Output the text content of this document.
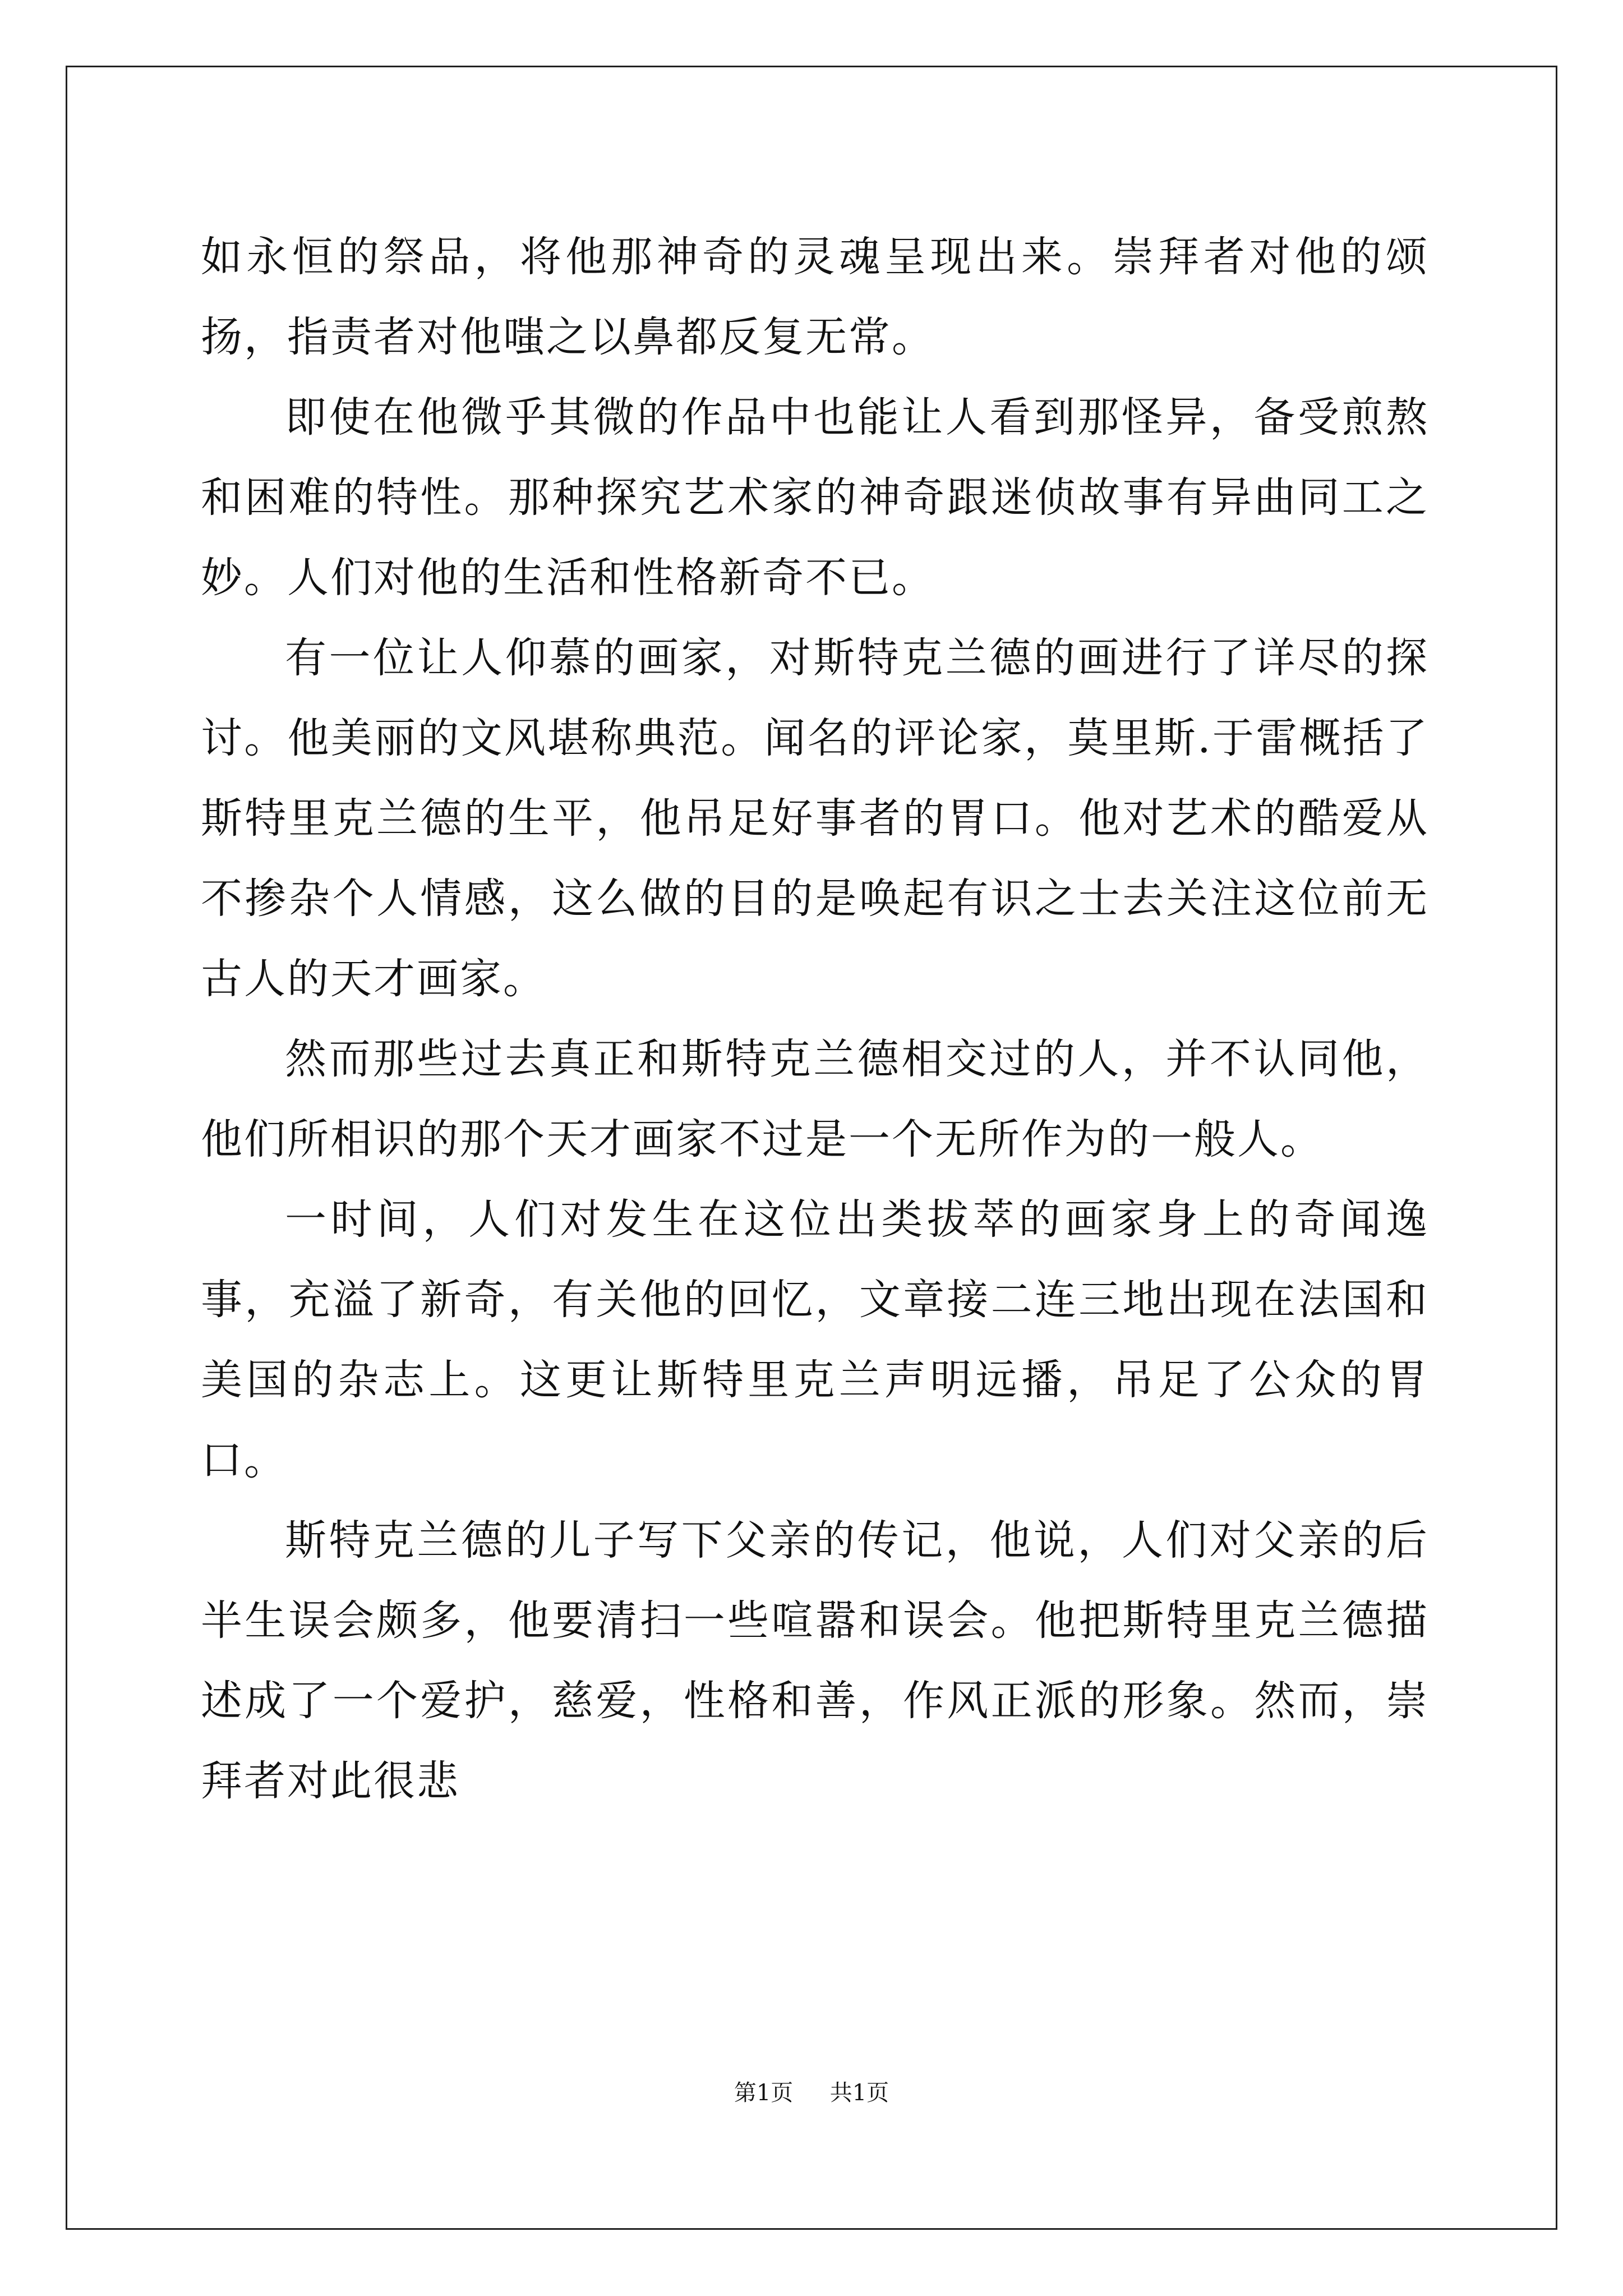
如永恒的祭品，将他那神奇的灵魂呈现出来。崇拜者对他的颂扬，指责者对他嗤之以鼻都反复无常。

即使在他微乎其微的作品中也能让人看到那怪异，备受煎熬和困难的特性。那种探究艺术家的神奇跟迷侦故事有异曲同工之妙。人们对他的生活和性格新奇不已。

有一位让人仰慕的画家，对斯特克兰德的画进行了详尽的探讨。他美丽的文风堪称典范。闻名的评论家，莫里斯.于雷概括了斯特里克兰德的生平，他吊足好事者的胃口。他对艺术的酷爱从不掺杂个人情感，这么做的目的是唤起有识之士去关注这位前无古人的天才画家。

然而那些过去真正和斯特克兰德相交过的人，并不认同他，他们所相识的那个天才画家不过是一个无所作为的一般人。

一时间，人们对发生在这位出类拔萃的画家身上的奇闻逸事，充溢了新奇，有关他的回忆，文章接二连三地出现在法国和美国的杂志上。这更让斯特里克兰声明远播，吊足了公众的胃口。

斯特克兰德的儿子写下父亲的传记，他说，人们对父亲的后半生误会颇多，他要清扫一些喧嚣和误会。他把斯特里克兰德描述成了一个爱护，慈爱，性格和善，作风正派的形象。然而，崇拜者对此很悲

第1页 共1页
